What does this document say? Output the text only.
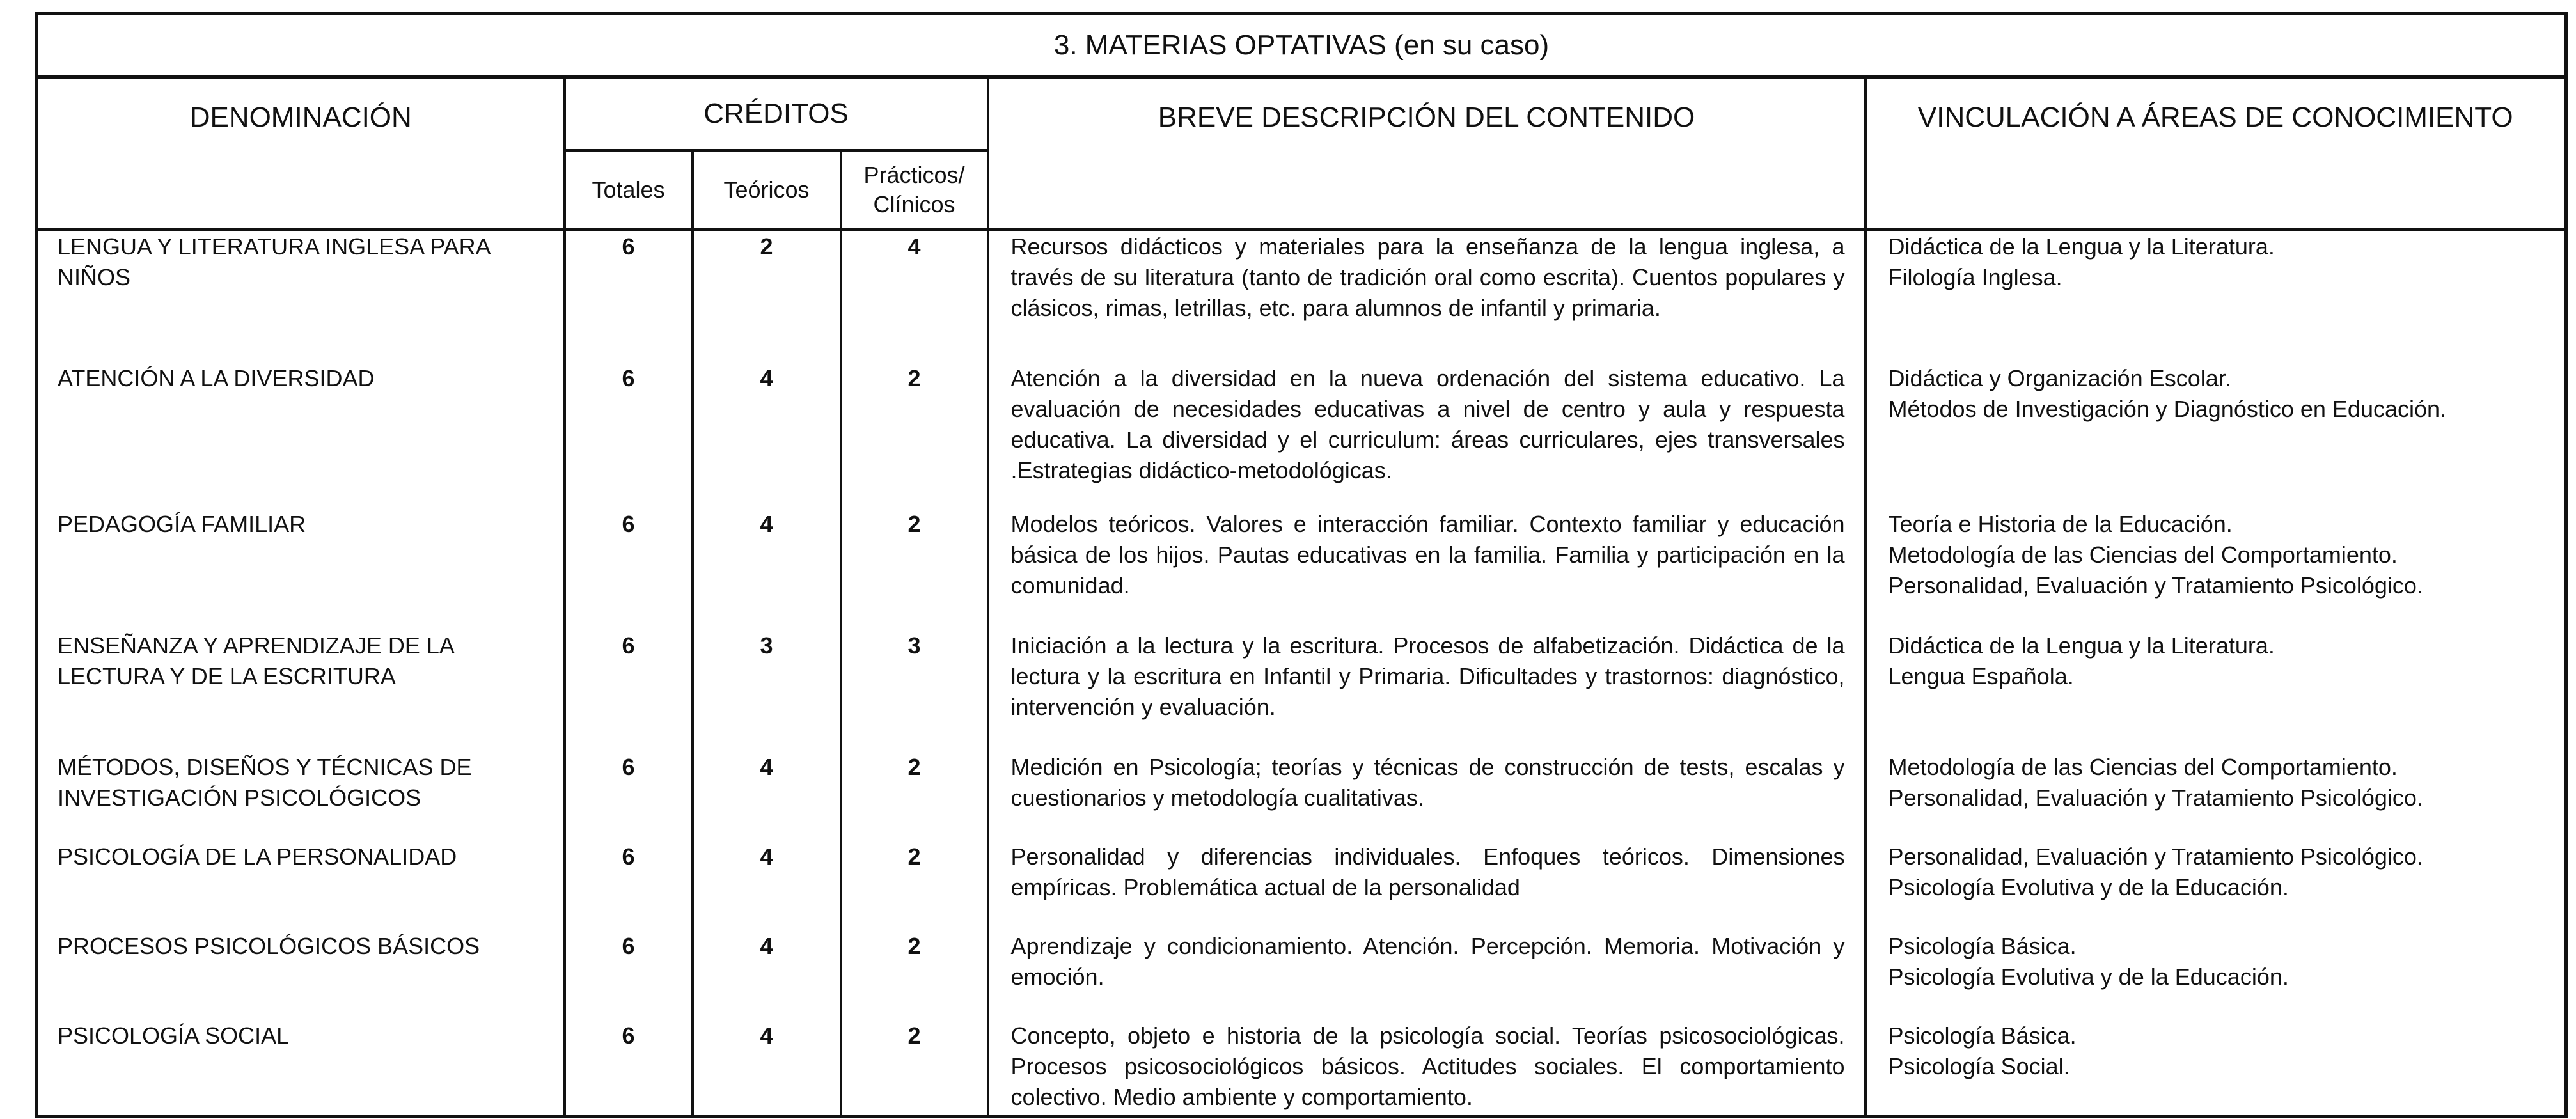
3. MATERIAS OPTATIVAS (en su caso)					
DENOMINACIÓN	CRÉDITOS			BREVE DESCRIPCIÓN DEL CONTENIDO	VINCULACIÓN A ÁREAS DE CONOCIMIENTO
	Totales	Teóricos	Prácticos/
Clínicos		

LENGUA Y LITERATURA INGLESA PARA NIÑOS	6	2	4	Recursos didácticos y materiales para la enseñanza de la lengua inglesa, a través de su literatura (tanto de tradición oral como escrita). Cuentos populares y clásicos, rimas, letrillas, etc. para alumnos de infantil y primaria.	Didáctica de la Lengua y la Literatura.
Filología Inglesa.

ATENCIÓN A LA DIVERSIDAD	6	4	2	Atención a la diversidad en la nueva ordenación del sistema educativo. La evaluación de necesidades educativas a nivel de centro y aula y respuesta educativa. La diversidad y el curriculum: áreas curriculares, ejes transversales .Estrategias didáctico-metodológicas.	Didáctica y Organización Escolar.
Métodos de Investigación y Diagnóstico en Educación.

PEDAGOGÍA FAMILIAR	6	4	2	Modelos teóricos. Valores e interacción familiar. Contexto familiar y educación básica de los hijos. Pautas educativas en la familia. Familia y participación en la comunidad.	Teoría e Historia de la Educación.
Metodología de las Ciencias del Comportamiento.
Personalidad, Evaluación y Tratamiento Psicológico.

ENSEÑANZA Y APRENDIZAJE DE LA LECTURA Y DE LA ESCRITURA	6	3	3	Iniciación a la lectura y la escritura. Procesos de alfabetización. Didáctica de la lectura y la escritura en Infantil y Primaria. Dificultades y trastornos: diagnóstico, intervención y evaluación.	Didáctica de la Lengua y la Literatura.
Lengua Española.

MÉTODOS, DISEÑOS Y TÉCNICAS DE INVESTIGACIÓN PSICOLÓGICOS	6	4	2	Medición en Psicología; teorías y técnicas de construcción de tests, escalas y cuestionarios y metodología cualitativas.	Metodología de las Ciencias del Comportamiento.
Personalidad, Evaluación y Tratamiento Psicológico.

PSICOLOGÍA DE LA PERSONALIDAD	6	4	2	Personalidad y diferencias individuales. Enfoques teóricos. Dimensiones empíricas. Problemática actual de la personalidad	Personalidad, Evaluación y Tratamiento Psicológico.
Psicología Evolutiva y de la Educación.

PROCESOS PSICOLÓGICOS BÁSICOS	6	4	2	Aprendizaje y condicionamiento. Atención. Percepción. Memoria. Motivación y emoción.	Psicología Básica.
Psicología Evolutiva y de la Educación.

PSICOLOGÍA SOCIAL	6	4	2	Concepto, objeto e historia de la psicología social. Teorías psicosociológicas. Procesos psicosociológicos básicos. Actitudes sociales. El comportamiento colectivo. Medio ambiente y comportamiento.	Psicología Básica.
Psicología Social.
